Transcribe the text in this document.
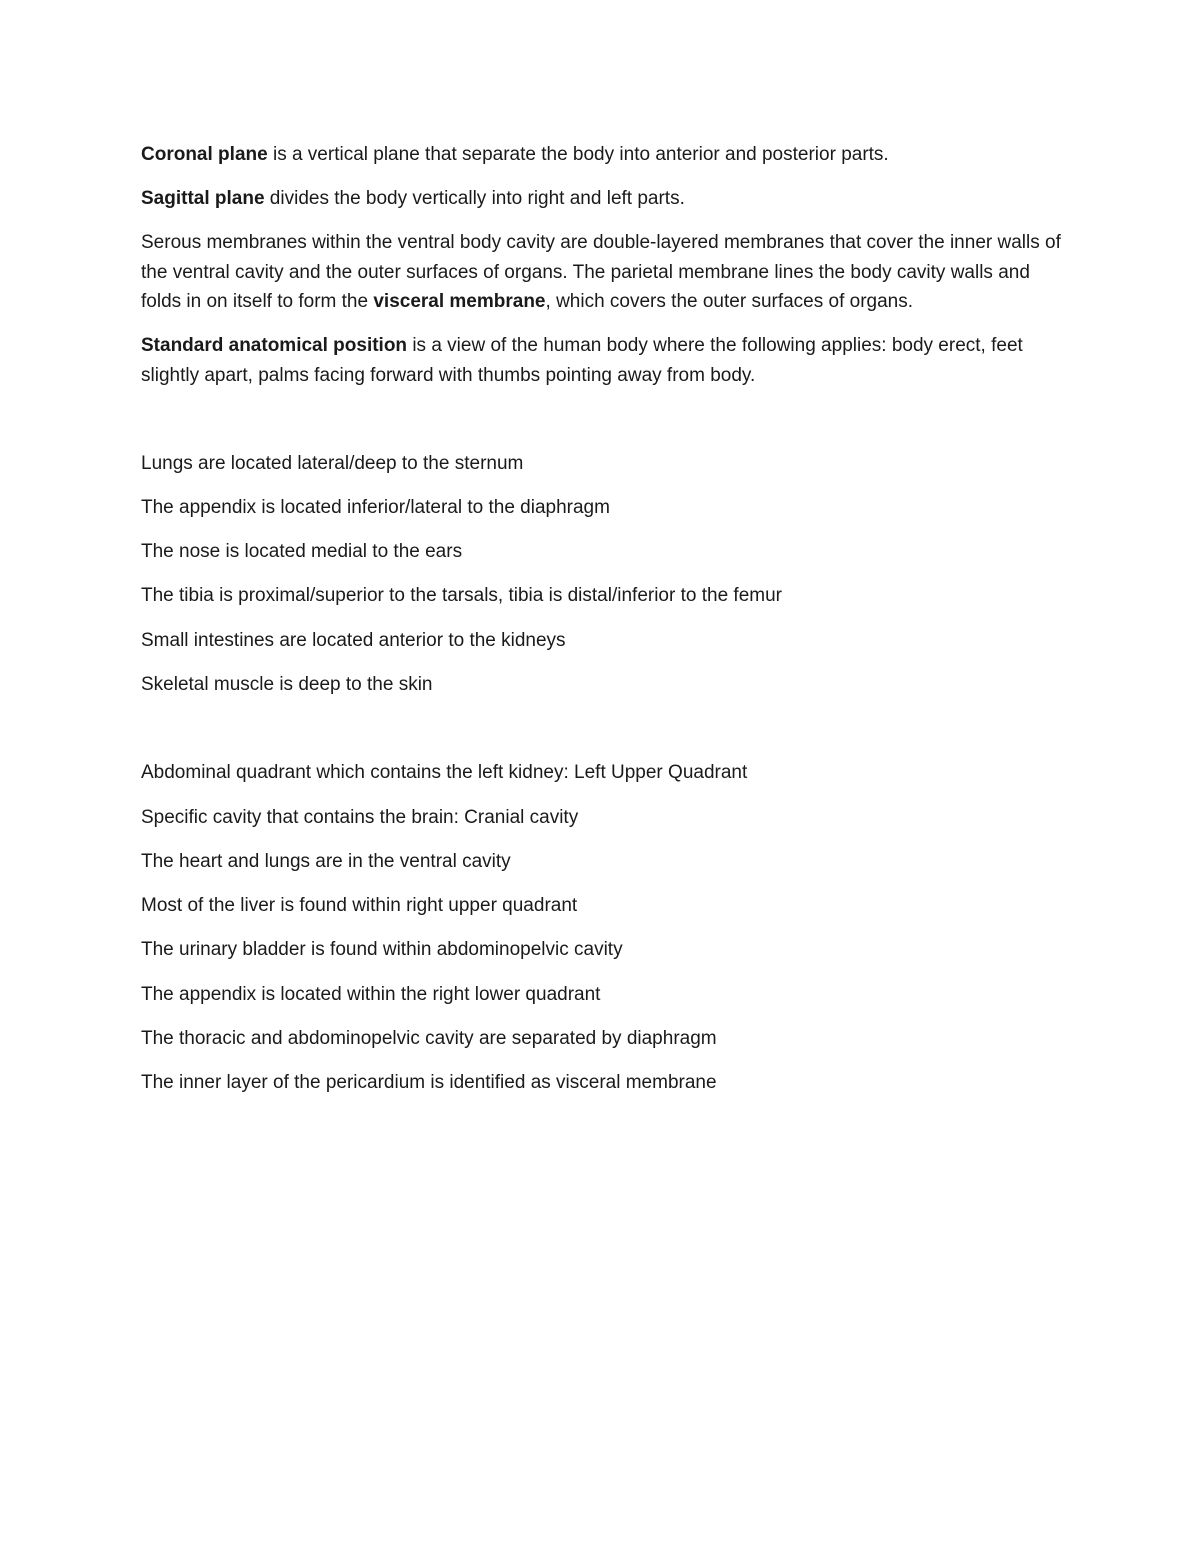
Coronal plane is a vertical plane that separate the body into anterior and posterior parts.

Sagittal plane divides the body vertically into right and left parts.

Serous membranes within the ventral body cavity are double-layered membranes that cover the inner walls of the ventral cavity and the outer surfaces of organs. The parietal membrane lines the body cavity walls and folds in on itself to form the visceral membrane, which covers the outer surfaces of organs.

Standard anatomical position is a view of the human body where the following applies: body erect, feet slightly apart, palms facing forward with thumbs pointing away from body.

Lungs are located lateral/deep to the sternum

The appendix is located inferior/lateral to the diaphragm

The nose is located medial to the ears

The tibia is proximal/superior to the tarsals, tibia is distal/inferior to the femur

Small intestines are located anterior to the kidneys

Skeletal muscle is deep to the skin

Abdominal quadrant which contains the left kidney: Left Upper Quadrant

Specific cavity that contains the brain: Cranial cavity

The heart and lungs are in the ventral cavity

Most of the liver is found within right upper quadrant

The urinary bladder is found within abdominopelvic cavity

The appendix is located within the right lower quadrant

The thoracic and abdominopelvic cavity are separated by diaphragm

The inner layer of the pericardium is identified as visceral membrane
